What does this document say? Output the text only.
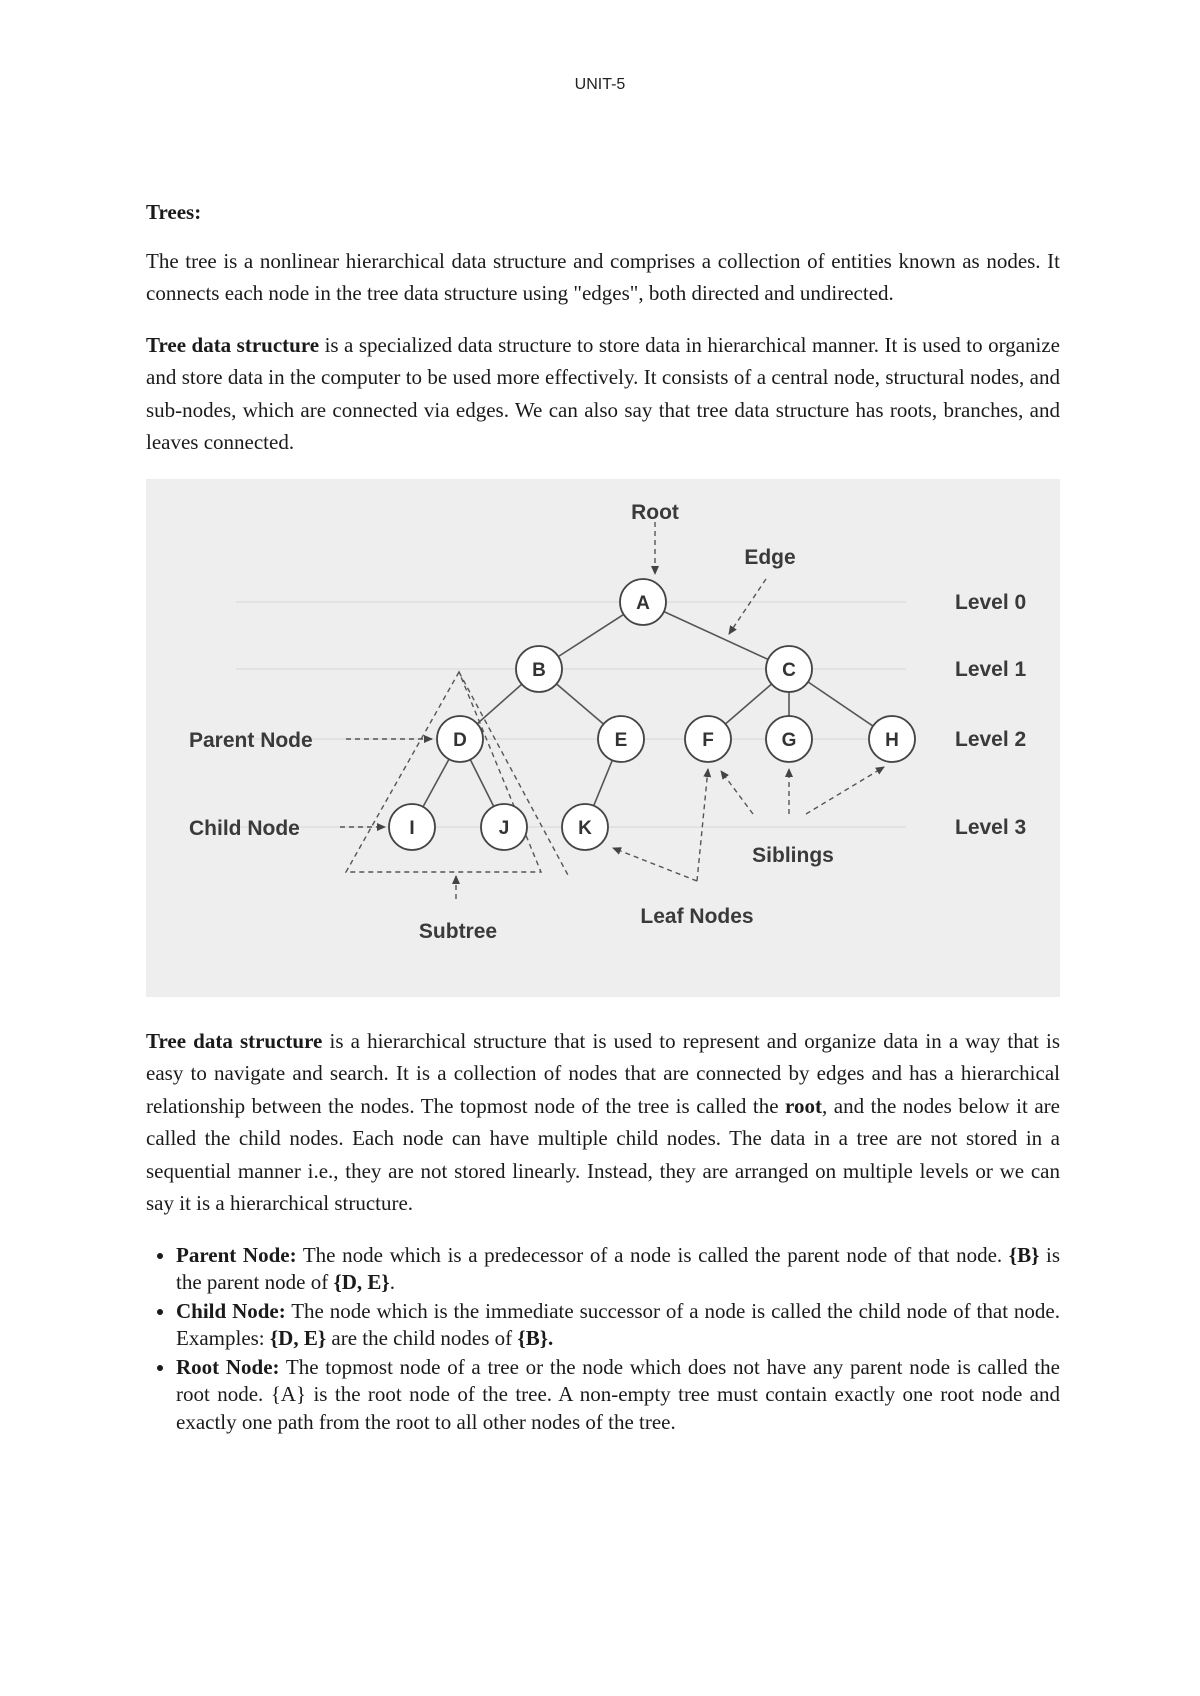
UNIT-5

Trees:

The tree is a nonlinear hierarchical data structure and comprises a collection of entities known as nodes. It connects each node in the tree data structure using "edges", both directed and undirected.

Tree data structure is a specialized data structure to store data in hierarchical manner. It is used to organize and store data in the computer to be used more effectively. It consists of a central node, structural nodes, and sub-nodes, which are connected via edges. We can also say that tree data structure has roots, branches, and leaves connected.

A
B	C
D	E	F	G	H
I	J	K
Root
Edge
Parent Node
Child Node
Siblings
Leaf Nodes
Subtree
Level 0
Level 1
Level 2
Level 3

Tree data structure is a hierarchical structure that is used to represent and organize data in a way that is easy to navigate and search. It is a collection of nodes that are connected by edges and has a hierarchical relationship between the nodes. The topmost node of the tree is called the root, and the nodes below it are called the child nodes. Each node can have multiple child nodes. The data in a tree are not stored in a sequential manner i.e., they are not stored linearly. Instead, they are arranged on multiple levels or we can say it is a hierarchical structure.

• Parent Node: The node which is a predecessor of a node is called the parent node of that node. {B} is the parent node of {D, E}.
• Child Node: The node which is the immediate successor of a node is called the child node of that node. Examples: {D, E} are the child nodes of {B}.
• Root Node: The topmost node of a tree or the node which does not have any parent node is called the root node. {A} is the root node of the tree. A non-empty tree must contain exactly one root node and exactly one path from the root to all other nodes of the tree.
